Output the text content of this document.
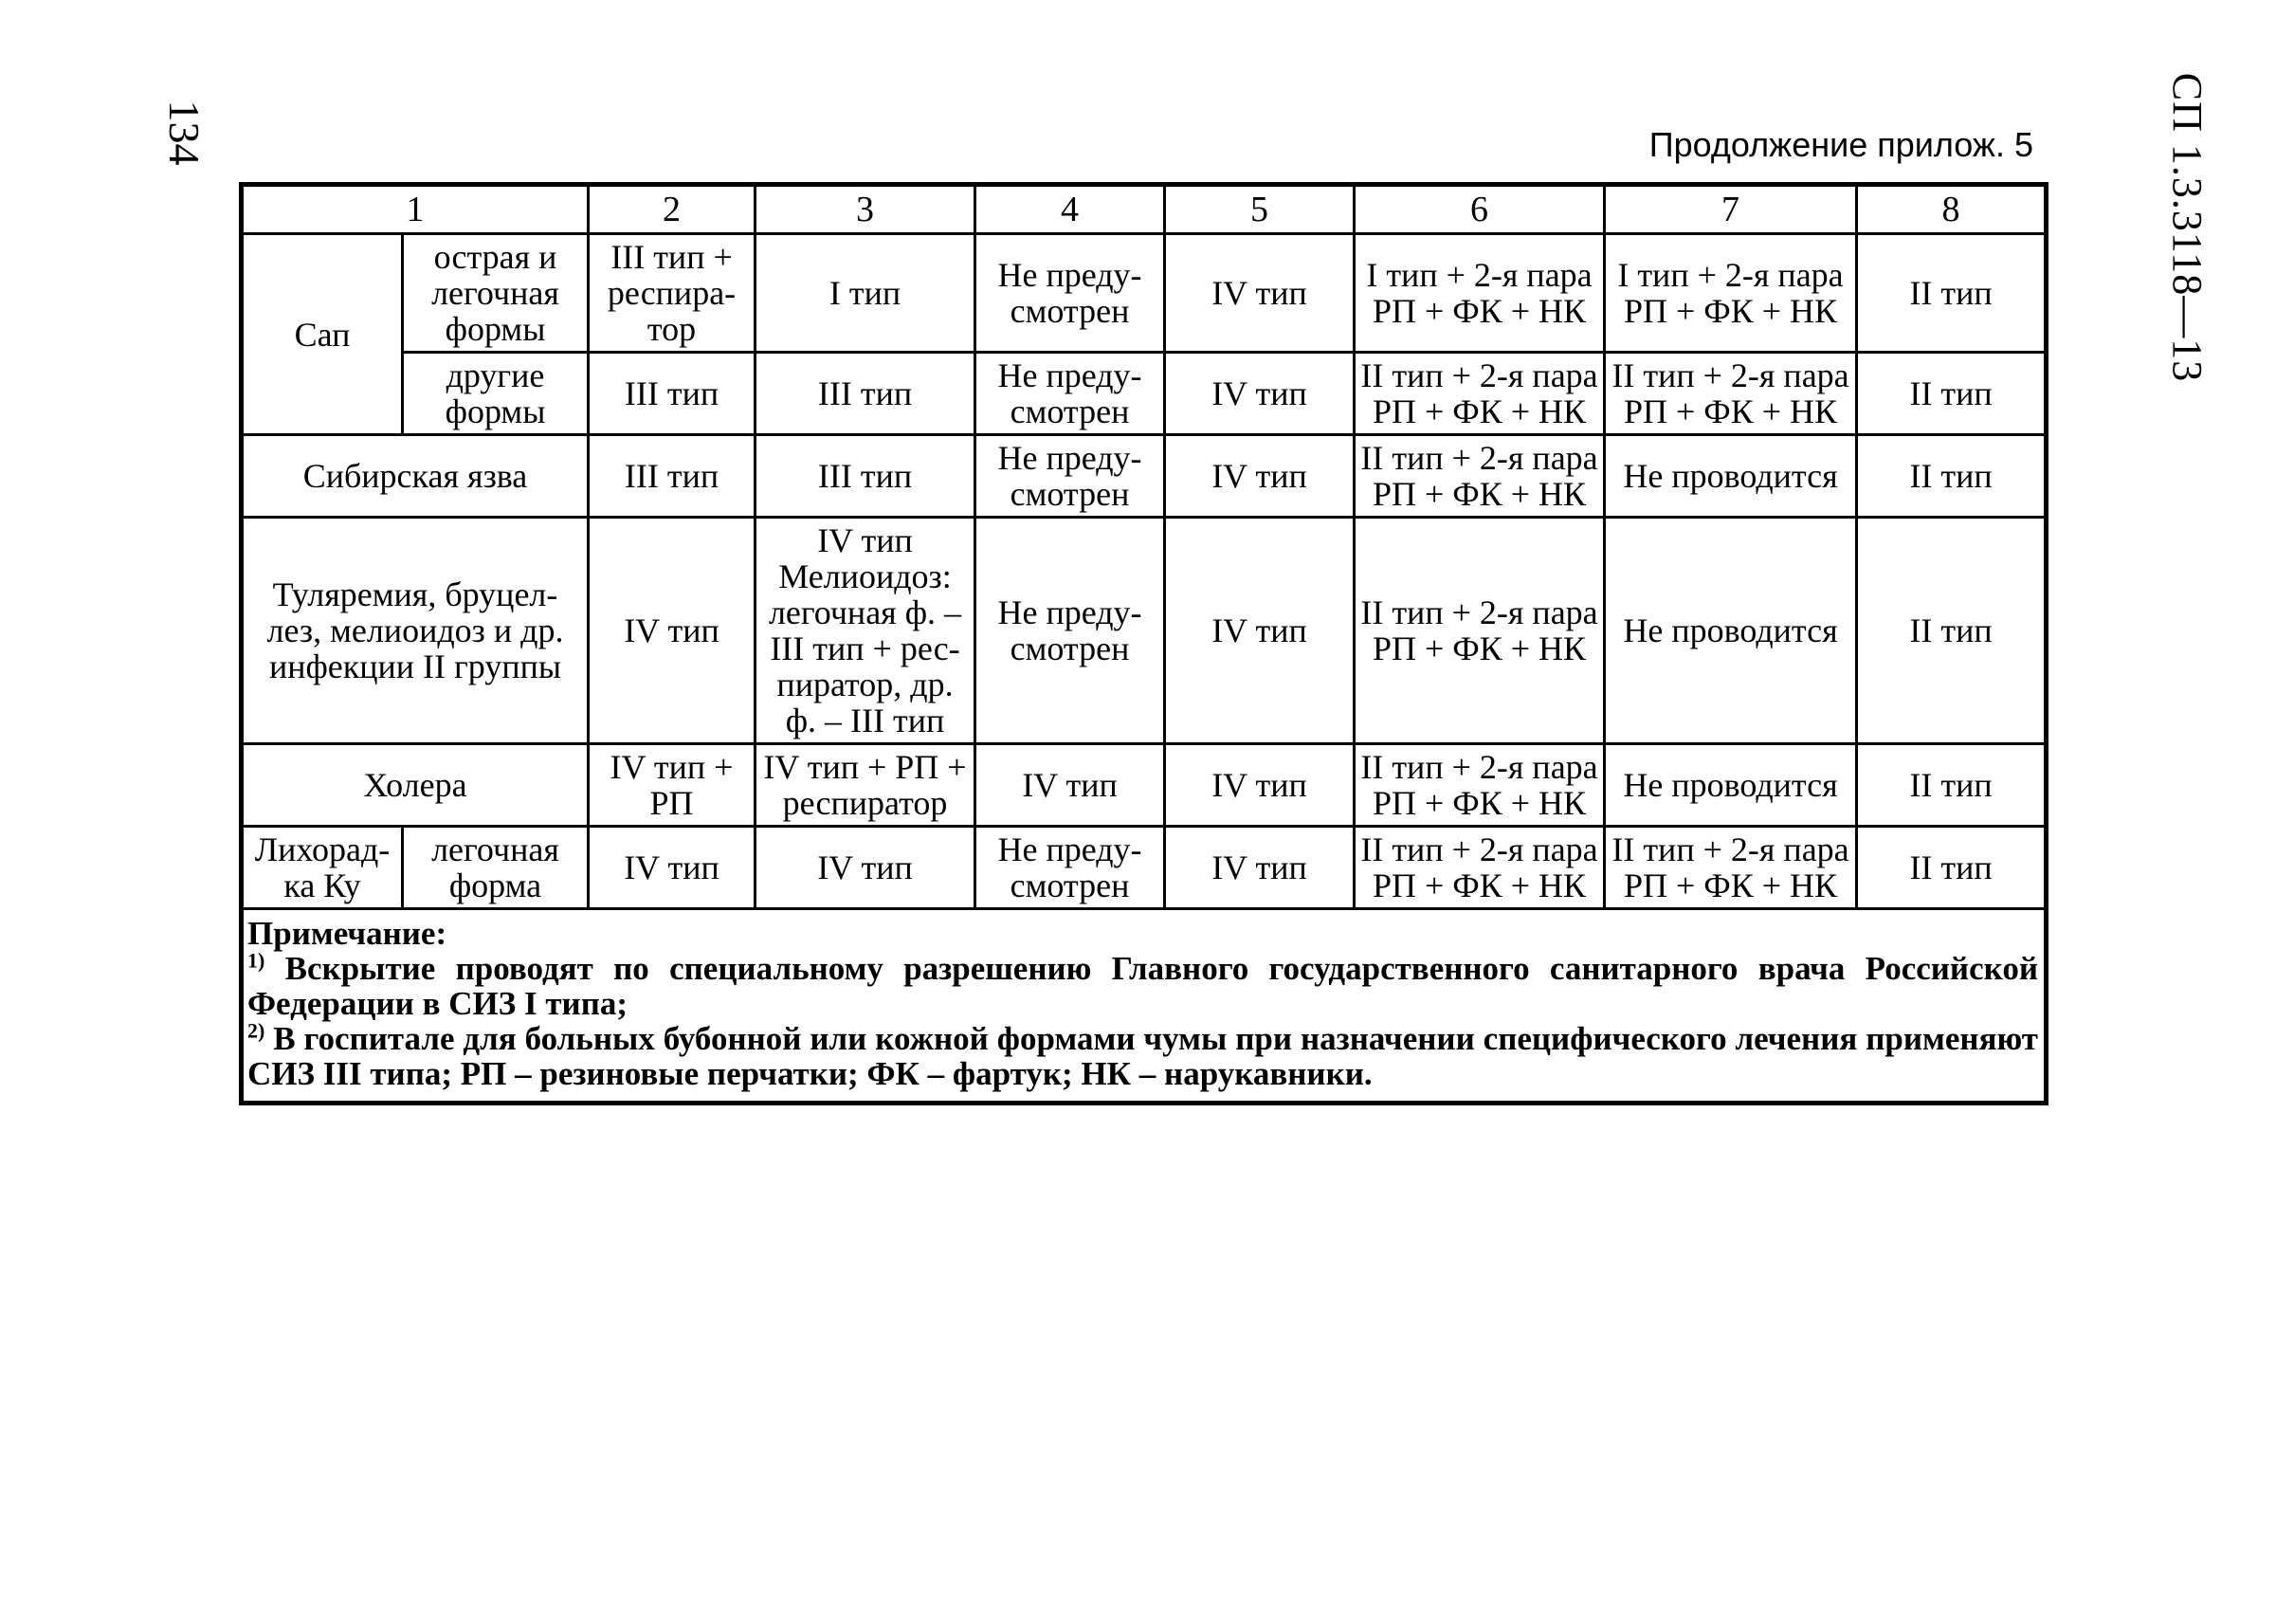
134	СП 1.3.3118—13
Продолжение прилож. 5
1		2	3	4	5	6	7	8
Сап	острая и легочная формы	III тип + респира-тор	I тип	Не преду-смотрен	IV тип	I тип + 2-я пара РП + ФК + НК	I тип + 2-я пара РП + ФК + НК	II тип
	другие формы	III тип	III тип	Не преду-смотрен	IV тип	II тип + 2-я пара РП + ФК + НК	II тип + 2-я пара РП + ФК + НК	II тип
Сибирская язва		III тип	III тип	Не преду-смотрен	IV тип	II тип + 2-я пара РП + ФК + НК	Не проводится	II тип
Туляремия, бруцел-лез, мелиоидоз и др. инфекции II группы		IV тип	IV тип Мелиоидоз: легочная ф. – III тип + рес-пиратор, др. ф. – III тип	Не преду-смотрен	IV тип	II тип + 2-я пара РП + ФК + НК	Не проводится	II тип
Холера		IV тип + РП	IV тип + РП + респиратор	IV тип	IV тип	II тип + 2-я пара РП + ФК + НК	Не проводится	II тип
Лихорад-ка Ку	легочная форма	IV тип	IV тип	Не преду-смотрен	IV тип	II тип + 2-я пара РП + ФК + НК	II тип + 2-я пара РП + ФК + НК	II тип

Примечание:
$^{1)}$ Вскрытие проводят по специальному разрешению Главного государственного санитарного врача Российской Федерации в СИЗ I типа;
$^{2)}$ В госпитале для больных бубонной или кожной формами чумы при назначении специфического лечения применяют СИЗ III типа; РП – резиновые перчатки; ФК – фартук; НК – нарукавники.								
